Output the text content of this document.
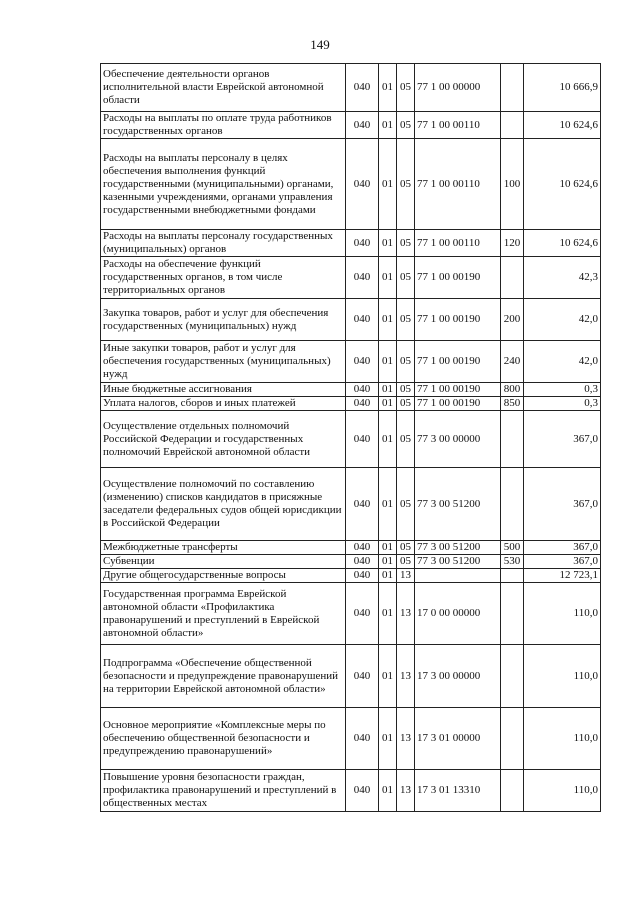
149
Обеспечение деятельности органов исполнительной власти Еврейской автономной области	040	01	05	77 1 00 00000		10 666,9
Расходы на выплаты по оплате труда работников государственных органов	040	01	05	77 1 00 00110		10 624,6
Расходы на выплаты персоналу в целях обеспечения выполнения функций государственными (муниципальными) органами, казенными учреждениями, органами управления государственными внебюджетными фондами	040	01	05	77 1 00 00110	100	10 624,6
Расходы на выплаты персоналу государственных (муниципальных) органов	040	01	05	77 1 00 00110	120	10 624,6
Расходы на обеспечение функций государственных органов, в том числе территориальных органов	040	01	05	77 1 00 00190		42,3
Закупка товаров, работ и услуг для обеспечения государственных (муниципальных) нужд	040	01	05	77 1 00 00190	200	42,0
Иные закупки товаров, работ и услуг для обеспечения государственных (муниципальных) нужд	040	01	05	77 1 00 00190	240	42,0
Иные бюджетные ассигнования	040	01	05	77 1 00 00190	800	0,3
Уплата налогов, сборов и иных платежей	040	01	05	77 1 00 00190	850	0,3
Осуществление отдельных полномочий Российской Федерации и государственных полномочий Еврейской автономной области	040	01	05	77 3 00 00000		367,0
Осуществление полномочий по составлению (изменению) списков кандидатов в присяжные заседатели федеральных судов общей юрисдикции в Российской Федерации	040	01	05	77 3 00 51200		367,0
Межбюджетные трансферты	040	01	05	77 3 00 51200	500	367,0
Субвенции	040	01	05	77 3 00 51200	530	367,0
Другие общегосударственные вопросы	040	01	13			12 723,1
Государственная программа Еврейской автономной области «Профилактика правонарушений и преступлений в Еврейской автономной области»	040	01	13	17 0 00 00000		110,0
Подпрограмма «Обеспечение общественной безопасности и предупреждение правонарушений на территории Еврейской автономной области»	040	01	13	17 3 00 00000		110,0
Основное мероприятие «Комплексные меры по обеспечению общественной безопасности и предупреждению правонарушений»	040	01	13	17 3 01 00000		110,0
Повышение уровня безопасности граждан, профилактика правонарушений и преступлений в общественных местах	040	01	13	17 3 01 13310		110,0
